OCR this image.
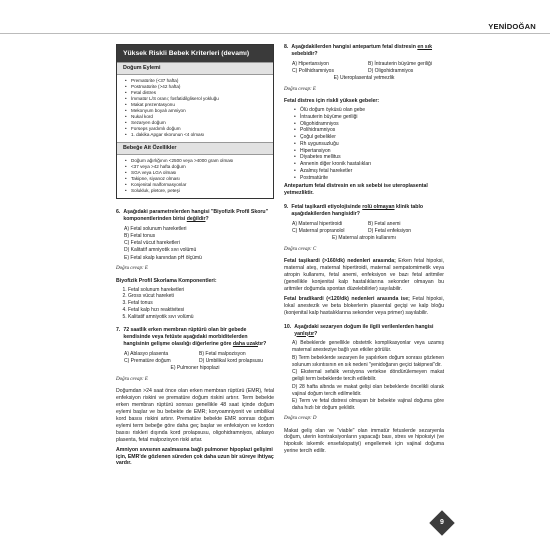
YENİDOĞAN
Yüksek Riskli Bebek Kriterleri (devamı)
Doğum Eylemi
• Prematürite (<37 hafta)
• Postmatürite (>42 hafta)
• Fetal distres
• İmmatür L/S oranı; fosfatidilgliserol yokluğu
• Makat prezentasyonu
• Mekonyum boyalı amniyon
• Nukal kord
• Sezaryen doğum
• Forseps yardımlı doğum
• 1. dakika Apgar skorunun <4 olması
Bebeğe Ait Özellikler
• Doğum ağırlığının <2500 veya >4000 gram olması
• <37 veya >42 hafta doğum
• SGA veya LGA olması
• Takipne, siyanoz olması
• Konjenital malformasyonlar
• Solukluk, pletore, peteşi
6. Aşağıdaki parametrelerden hangisi "Biyofizik Profil Skoru" komponentlerinden birisi değildir?
A) Fetal solunum hareketleri
B) Fetal tonus
C) Fetal vücut hareketleri
D) Kalitatif amniyotik sıvı volümü
E) Fetal skalp kanından pH ölçümü
Doğru cevap: E
Biyofizik Profil Skorlama Komponentleri:
1. Fetal solunum hareketleri
2. Gross vücut hareketi
3. Fetal tonus
4. Fetal kalp hızı reaktivitesi
5. Kalitatif amniyotik sıvı volümü
7. 72 saatlik erken membran rüptürü olan bir gebede kendisinde veya fetüste aşağıdaki morbiditelerden hangisinin gelişme olasılığı diğerlerine göre daha uzaktır?
A) Ablasyo plasenta	B) Fetal malpozisyon
C) Prematüre doğum	D) Umbilikal kord prolapsusu
E) Pulmoner hipoplazi
Doğru cevap: E
Doğumdan >24 saat önce olan erken membran rüptürü (EMR), fetal enfeksiyon riskini ve prematüre doğum riskini artırır. Term bebekte erken membran rüptürü sonrası genellikle 48 saat içinde doğum eylemi başlar ve bu bebekte de EMR; koryoamniyonit ve umbilikal kord basısı riskini artırır. Prematüre bebekte EMR sonrası doğum eylemi term bebeğe göre daha geç başlar ve enfeksiyon ve kordon basısı riskleri dışında kord prolapsusu, oligohidramniyos, ablasyo plasenta, fetal malpozisyon riski artar.
Amniyon sıvısının azalmasına bağlı pulmoner hipoplazi gelişimi için, EMR'de gözlenen süreden çok daha uzun bir süreye ihtiyaç vardır.
8. Aşağıdakilerden hangisi antepartum fetal distresin en sık sebebidir?
A) Hipertansiyon	B) İntrauterin büyüme geriliği
C) Polihidramniyos	D) Oligohidramniyos
E) Uteroplasental yetmezlik
Doğru cevap: E
Fetal distres için riskli yüksek gebeler:
• Ölü doğum öyküsü olan gebe
• İntrauterin büyüme geriliği
• Oligohidramniyos
• Polihidramniyos
• Çoğul gebelikler
• Rh uygunsuzluğu
• Hipertansiyon
• Diyabetes mellitus
• Annenin diğer kronik hastalıkları
• Azalmış fetal hareketler
• Postmatürite
Antepartum fetal distresin en sık sebebi ise uteroplasental yetmezliktir.
9. Fetal taşikardi etiyolojisinde rolü olmayan klinik tablo aşağıdakilerden hangisidir?
A) Maternal hipertiroidi	B) Fetal anemi
C) Maternal propranolol	D) Fetal enfeksiyon
E) Maternal atropin kullanımı
Doğru cevap: C
Fetal taşikardi (>160/dk) nedenleri arasında; Erken fetal hipoksi, maternal ateş, maternal hipertiroidi, maternal sempatomimetik veya atropin kullanımı, fetal anemi, enfeksiyon ve bazı fetal aritmiler (genellikle konjenital kalp hastalıklarına sekonder olmayan bu aritmiler doğumda spontan düzelebilirler) sayılabilir.
Fetal bradikardi (<120/dk) nedenleri arasında ise; Fetal hipoksi, lokal anestezik ve beta blokerlerin plasental geçişi ve kalp bloğu (konjenital kalp hastalıklarına sekonder veya primer) sayılabilir.
10. Aşağıdaki sezaryen doğum ile ilgili verilenlerden hangisi yanlıştır?
A) Bebeklerde genellikle obstetrik komplikasyonlar veya uzamış maternal anesteziye bağlı yan etkiler görülür.
B) Term bebeklerde sezaryen ile yapılırken doğum sonrası gözlenen solunum sıkıntısının en sık nedeni "yenidoğanın geçici takipnesi"dir.
C) Eksternal sefalik versiyona vertekse döndürülemeyen makat gelişli term bebeklerde tercih edilebilir.
D) 28 hafta altında ve makat gelişi olan bebeklerde öncelikli olarak vajinal doğum tercih edilmelidir.
E) Term ve fetal distresi olmayan bir bebekte vajinal doğuma göre daha hızlı bir doğum şeklidir.
Doğru cevap: D
Makat geliş olan ve "viable" olan immatür fetuslerde sezaryenla doğum, uterin kontraksiyonların yapacağı bası, stres ve hipoksiyi (ve hipoksik iskemik ensefalopatiyi) engellemek için vajinal doğuma yerine tercih edilir.
9
